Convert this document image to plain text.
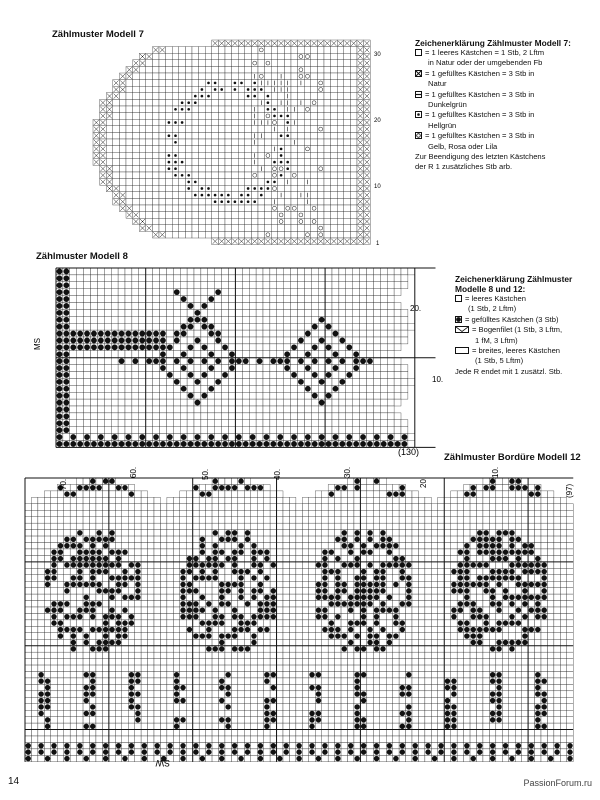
Zählmuster Modell 7
Zählmuster Modell 8
Zählmuster Bordüre Modell 12
Zeichenerklärung Zählmuster Modell 7:
= 1 leeres Kästchen = 1 Stb, 2 Lftm
in Natur oder der umgebenden Fb
= 1 gefülltes Kästchen = 3 Stb in
Natur
= 1 gefülltes Kästchen = 3 Stb in
Dunkelgrün
= 1 gefülltes Kästchen = 3 Stb in
Hellgrün
= 1 gefülltes Kästchen = 3 Stb in
Gelb, Rosa oder Lila
Zur Beendigung des letzten Kästchens
der R 1 zusätzliches Stb arb.
Zeichenerklärung Zählmuster Modelle 8 und 12:
= leeres Kästchen
(1 Stb, 2 Lftm)
= gefülltes Kästchen (3 Stb)
= Bogenfilet (1 Stb, 3 Lftm,
1 fM, 3 Lftm)
= breites, leeres Kästchen
(1 Stb, 5 Lftm)
Jede R endet mit 1 zusätzl. Stb.
1
10
20
30
20.
10.
(130)
MS
70.
60.	50.	40.	30.
20.
10.
(97)
SW
14	PassionForum.ru
